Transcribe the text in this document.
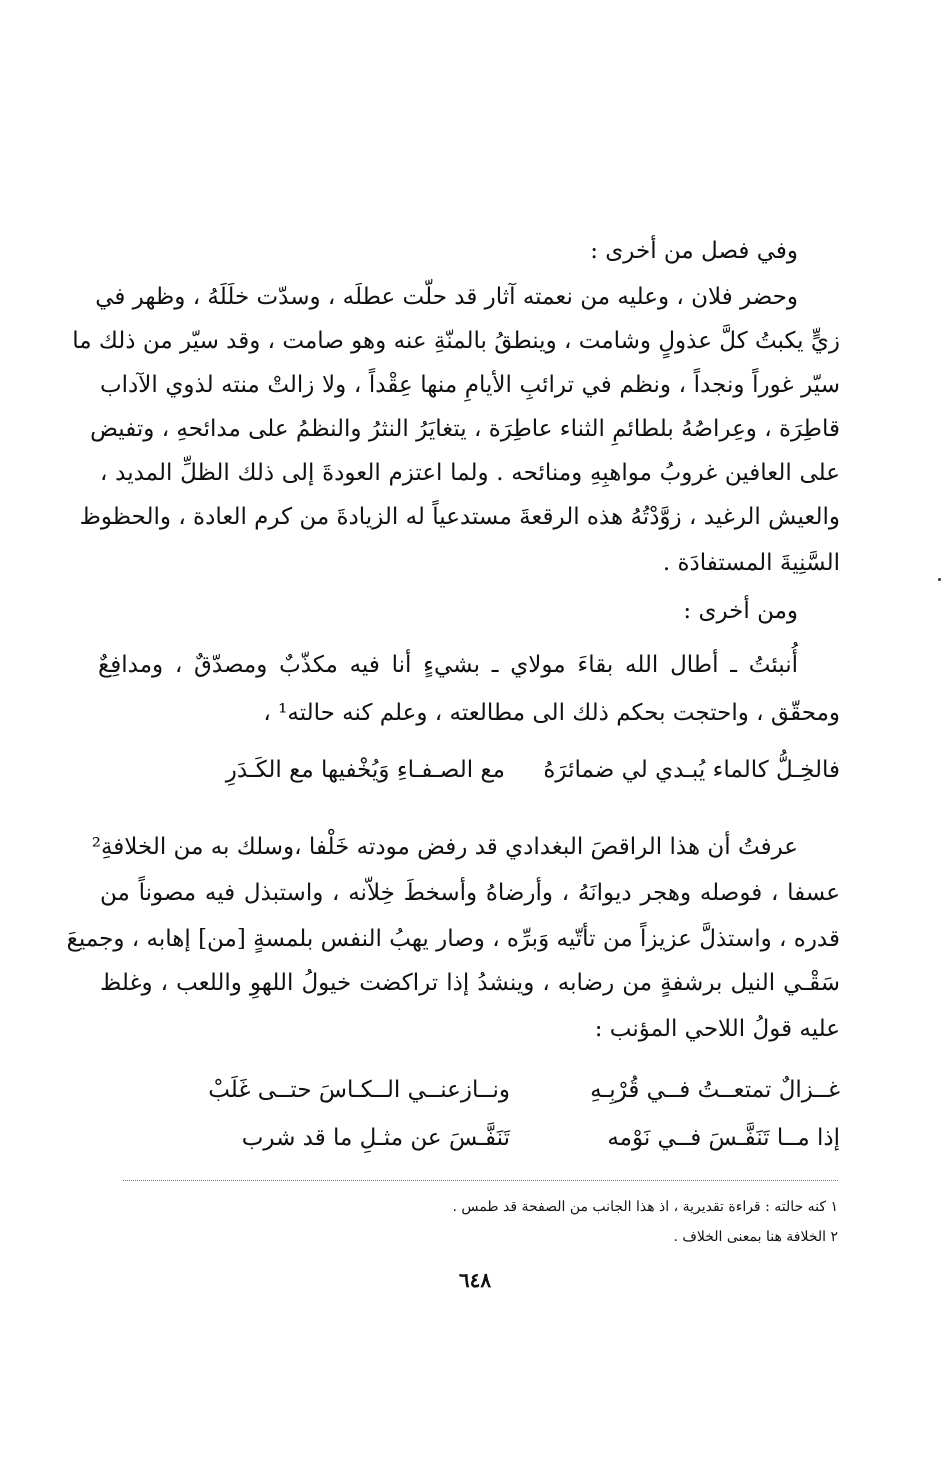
وفي فصل من أخرى :
وحضر فلان ، وعليه من نعمته آثار قد حلّت عطلَه ، وسدّت خلَلَهُ ، وظهر في
زيٍّ يكبتُ كلَّ عذولٍ وشامت ، وينطقُ بالمنّةِ عنه وهو صامت ، وقد سيّر من ذلك ما
سيّر غوراً ونجداً ، ونظم في ترائبِ الأيامِ منها عِقْداً ، ولا زالتْ منته لذوي الآداب
قاطِرَة ، وعِراصُهُ بلطائمِ الثناء عاطِرَة ، يتغايَرُ النثرُ والنظمُ على مدائحهِ ، وتفيض
على العافين غروبُ مواهبِهِ ومنائحه . ولما اعتزم العودةَ إلى ذلك الظلِّ المديد ،
والعيش الرغيد ، زوَّدْتُهُ هذه الرقعةَ مستدعياً له الزيادةَ من كرم العادة ، والحظوظ
السَّنِيةَ المستفادَة .
ومن أخرى :
أُنبئتُ ـ أطال الله بقاءَ مولاي ـ بشيءٍ أنا فيه مكذّبٌ ومصدّقٌ ، ومدافِعٌ
ومحقّق ، واحتجت بحكم ذلك الى مطالعته ، وعلم كنه حالته¹ ،
فالخِـلُّ كالماء يُبـدي لي ضمائرَهُ
مع الصـفـاءِ وَيُخْفيها مع الكَـدَرِ
عرفتُ أن هذا الراقصَ البغدادي قد رفض مودته خَلْفا ،وسلك به من الخلافةِ²
عسفا ، فوصله وهجر ديوانَهُ ، وأرضاهُ وأسخطَ خِلاّنه ، واستبذل فيه مصوناً من
قدره ، واستذلَّ عزيزاً من تأتّيه وَبرِّه ، وصار يهبُ النفس بلمسةٍ [من] إهابه ، وجميعَ
سَقْـي النيل برشفةٍ من رضابه ، وينشدُ إذا تراكضت خيولُ اللهوِ واللعب ، وغلظ
عليه قولُ اللاحي المؤنب :
غــزالٌ تمتعــتُ فــي قُرْبِـهِ
ونــازعنــي الــكـاسَ حتــى غَلَبْ
إذا مــا تَنَفَّـسَ فــي نَوْمه
تَنَفَّـسَ عن مثـلِ ما قد شرب
١ كنه حالته : قراءة تقديرية ، اذ هذا الجانب من الصفحة قد طمس .
٢ الخلافة هنا بمعنى الخلاف .
٦٤٨
